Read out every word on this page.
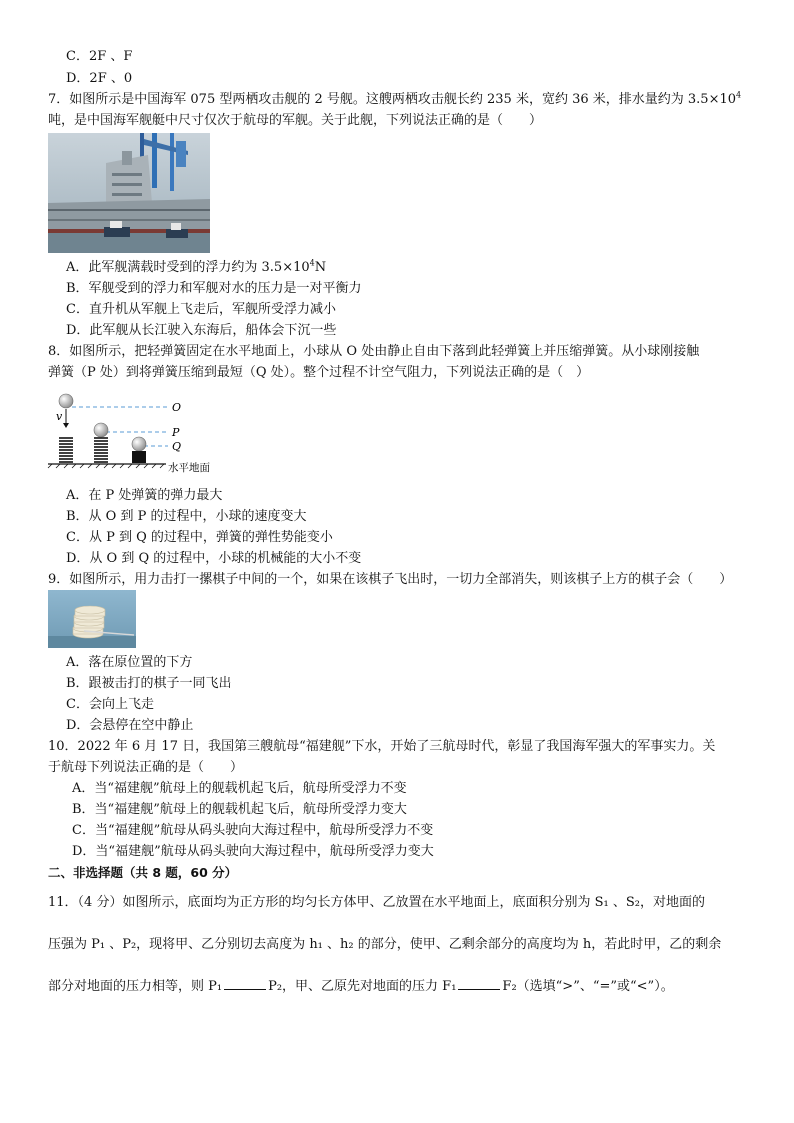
C．2F 、F
D．2F 、0
7．如图所示是中国海军 075 型两栖攻击舰的 2 号舰。这艘两栖攻击舰长约 235 米，宽约 36 米，排水量约为 $3.5\times 10^4$
吨，是中国海军舰艇中尺寸仅次于航母的军舰。关于此舰，下列说法正确的是（　　）
A．此军舰满载时受到的浮力约为 $3.5\times 10^4N$
B．军舰受到的浮力和军舰对水的压力是一对平衡力
C．直升机从军舰上飞走后，军舰所受浮力减小
D．此军舰从长江驶入东海后，船体会下沉一些
8．如图所示，把轻弹簧固定在水平地面上，小球从 O 处由静止自由下落到此轻弹簧上并压缩弹簧。从小球刚接触
弹簧（P 处）到将弹簧压缩到最短（Q 处）。整个过程不计空气阻力，下列说法正确的是（　）
v
O
P
Q
水平地面
A．在 P 处弹簧的弹力最大
B．从 O 到 P 的过程中，小球的速度变大
C．从 P 到 Q 的过程中，弹簧的弹性势能变小
D．从 O 到 Q 的过程中，小球的机械能的大小不变
9．如图所示，用力击打一摞棋子中间的一个，如果在该棋子飞出时，一切力全部消失，则该棋子上方的棋子会（　　）
A．落在原位置的下方
B．跟被击打的棋子一同飞出
C．会向上飞走
D．会悬停在空中静止
10．2022 年 6 月 17 日，我国第三艘航母“福建舰”下水，开始了三航母时代，彰显了我国海军强大的军事实力。关
于航母下列说法正确的是（　　）
A．当“福建舰”航母上的舰载机起飞后，航母所受浮力不变
B．当“福建舰”航母上的舰载机起飞后，航母所受浮力变大
C．当“福建舰”航母从码头驶向大海过程中，航母所受浮力不变
D．当“福建舰”航母从码头驶向大海过程中，航母所受浮力变大
二、非选择题（共 8 题，60 分）
11．（4 分）如图所示，底面均为正方形的均匀长方体甲、乙放置在水平地面上，底面积分别为 S₁ 、S₂，对地面的
压强为 P₁ 、P₂，现将甲、乙分别切去高度为 h₁ 、h₂ 的部分，使甲、乙剩余部分的高度均为 h，若此时甲，乙的剩余
部分对地面的压力相等，则 P₁	P₂，甲、乙原先对地面的压力 F₁	F₂（选填“>”、“=”或“<”）。
